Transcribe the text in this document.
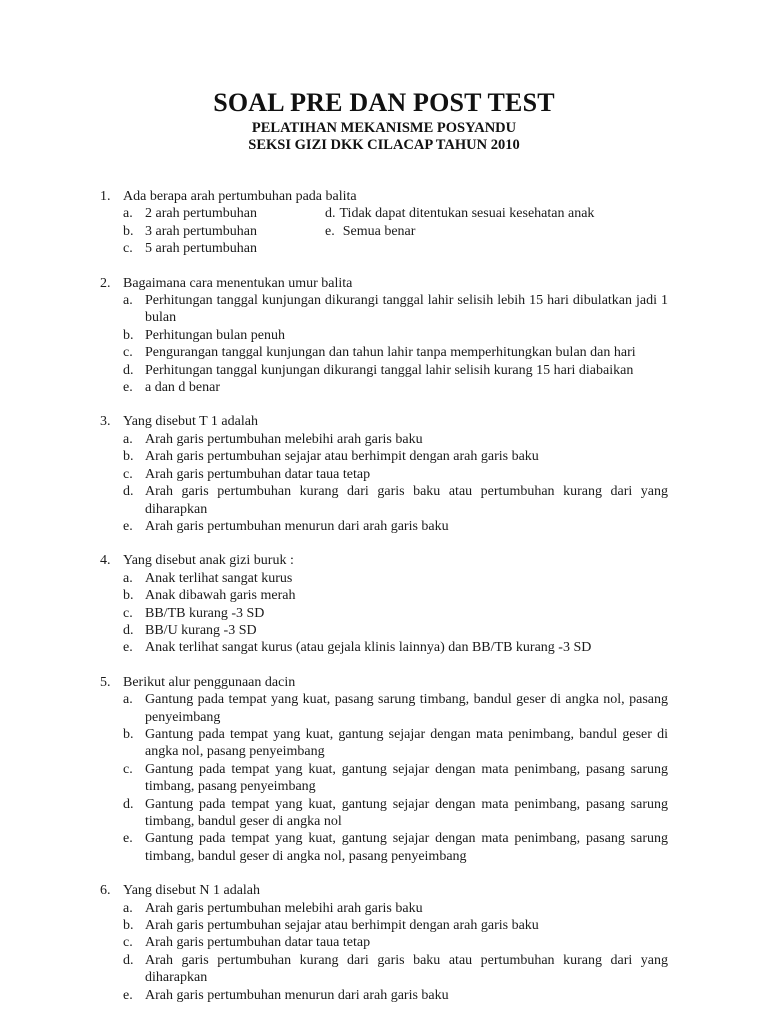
SOAL PRE DAN POST TEST
PELATIHAN MEKANISME POSYANDU
SEKSI GIZI DKK CILACAP TAHUN 2010
1. Ada berapa arah pertumbuhan pada balita
a. 2 arah pertumbuhan
b. 3 arah pertumbuhan
c. 5 arah pertumbuhan
d. Tidak dapat ditentukan sesuai kesehatan anak
e. Semua benar
2. Bagaimana cara menentukan umur balita
a. Perhitungan tanggal kunjungan dikurangi tanggal lahir selisih lebih 15 hari dibulatkan jadi 1 bulan
b. Perhitungan bulan penuh
c. Pengurangan tanggal kunjungan dan tahun lahir tanpa memperhitungkan bulan dan hari
d. Perhitungan tanggal kunjungan dikurangi tanggal lahir selisih kurang 15 hari diabaikan
e. a dan d benar
3. Yang disebut T 1 adalah
a. Arah garis pertumbuhan melebihi arah garis baku
b. Arah garis pertumbuhan sejajar atau berhimpit dengan arah garis baku
c. Arah garis pertumbuhan datar taua tetap
d. Arah garis pertumbuhan kurang dari garis baku atau pertumbuhan kurang dari yang diharapkan
e. Arah garis pertumbuhan menurun dari arah garis baku
4. Yang disebut anak gizi buruk :
a. Anak terlihat sangat kurus
b. Anak dibawah garis merah
c. BB/TB kurang -3 SD
d. BB/U kurang -3 SD
e. Anak terlihat sangat kurus (atau gejala klinis lainnya) dan BB/TB kurang -3 SD
5. Berikut alur penggunaan dacin
a. Gantung pada tempat yang kuat, pasang sarung timbang, bandul geser di angka nol, pasang penyeimbang
b. Gantung pada tempat yang kuat, gantung sejajar dengan mata penimbang, bandul geser di angka nol, pasang penyeimbang
c. Gantung pada tempat yang kuat, gantung sejajar dengan mata penimbang, pasang sarung timbang, pasang penyeimbang
d. Gantung pada tempat yang kuat, gantung sejajar dengan mata penimbang, pasang sarung timbang, bandul geser di angka nol
e. Gantung pada tempat yang kuat, gantung sejajar dengan mata penimbang, pasang sarung timbang, bandul geser di angka nol, pasang penyeimbang
6. Yang disebut N 1 adalah
a. Arah garis pertumbuhan melebihi arah garis baku
b. Arah garis pertumbuhan sejajar atau berhimpit dengan arah garis baku
c. Arah garis pertumbuhan datar taua tetap
d. Arah garis pertumbuhan kurang dari garis baku atau pertumbuhan kurang dari yang diharapkan
e. Arah garis pertumbuhan menurun dari arah garis baku
